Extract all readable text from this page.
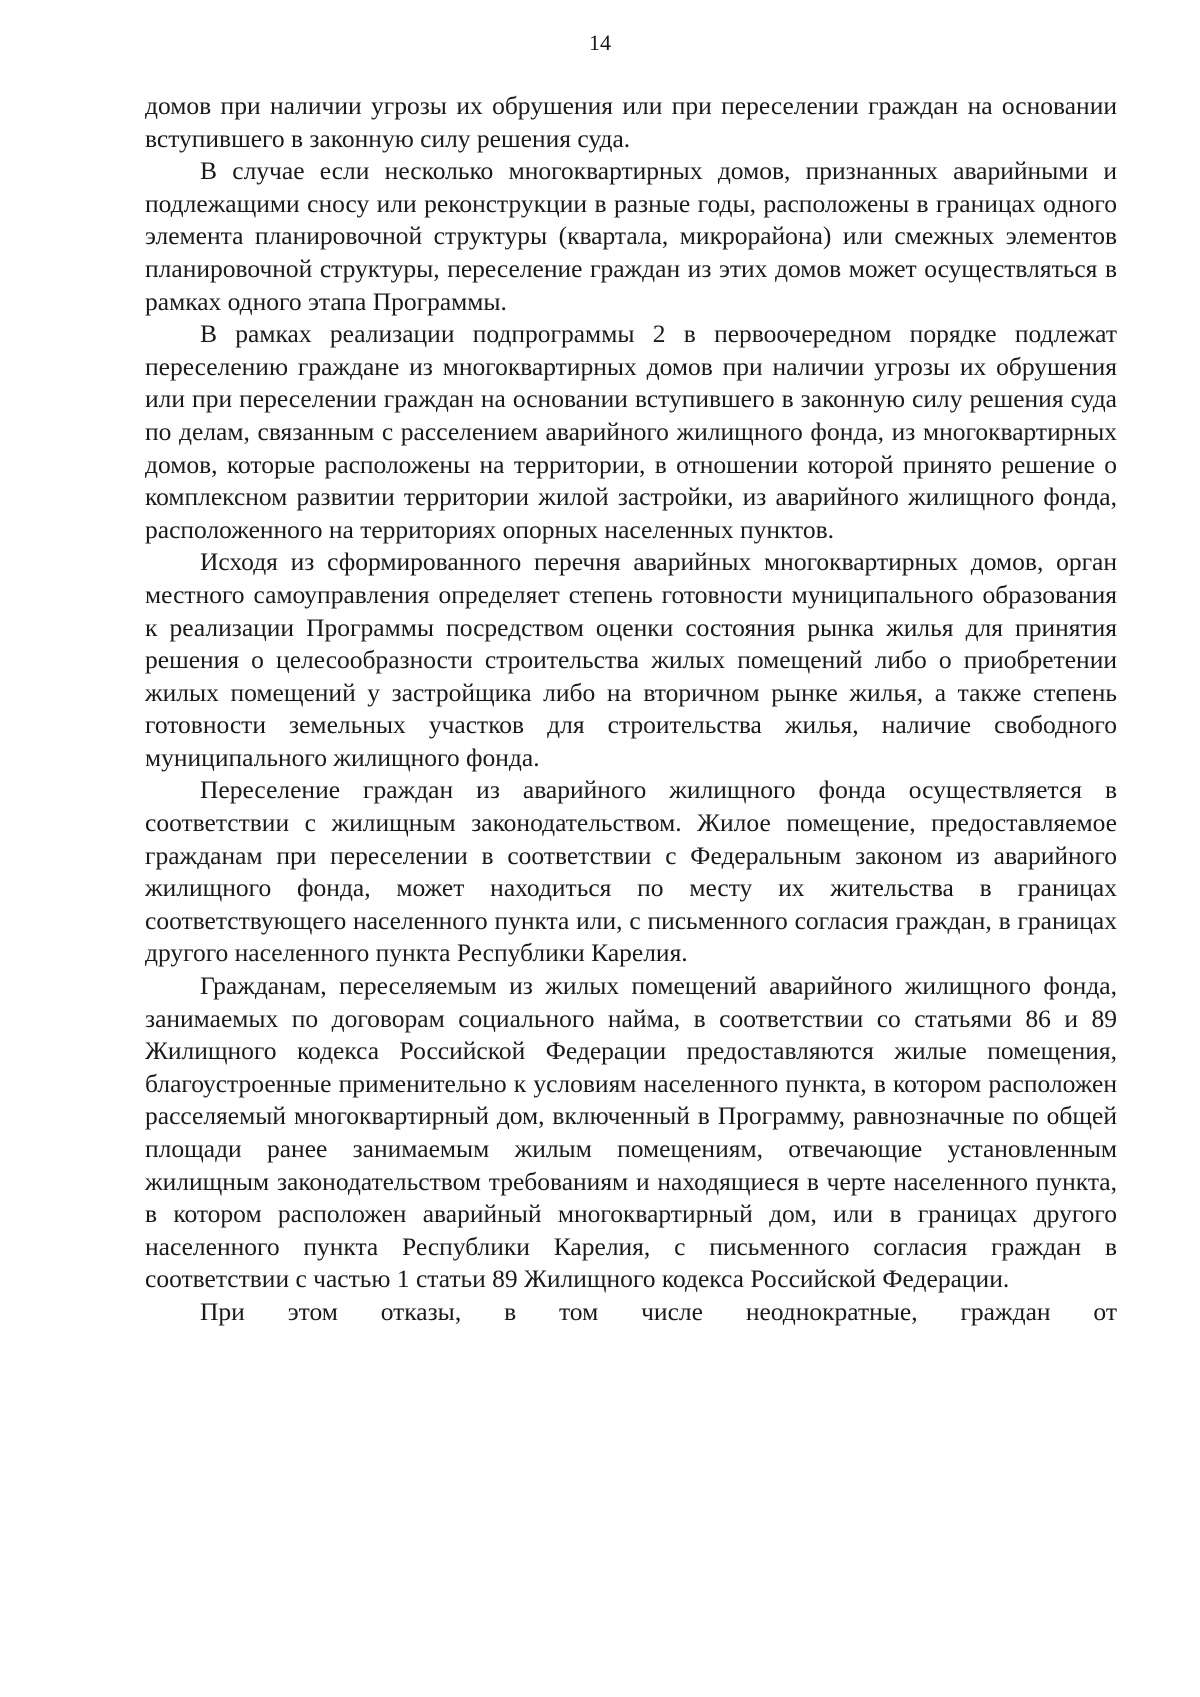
14

домов при наличии угрозы их обрушения или при переселении граждан на основании вступившего в законную силу решения суда.

В случае если несколько многоквартирных домов, признанных аварийными и подлежащими сносу или реконструкции в разные годы, расположены в границах одного элемента планировочной структуры (квартала, микрорайона) или смежных элементов планировочной структуры, переселение граждан из этих домов может осуществляться в рамках одного этапа Программы.

В рамках реализации подпрограммы 2 в первоочередном порядке подлежат переселению граждане из многоквартирных домов при наличии угрозы их обрушения или при переселении граждан на основании вступившего в законную силу решения суда по делам, связанным с расселением аварийного жилищного фонда, из многоквартирных домов, которые расположены на территории, в отношении которой принято решение о комплексном развитии территории жилой застройки, из аварийного жилищного фонда, расположенного на территориях опорных населенных пунктов.

Исходя из сформированного перечня аварийных многоквартирных домов, орган местного самоуправления определяет степень готовности муниципального образования к реализации Программы посредством оценки состояния рынка жилья для принятия решения о целесообразности строительства жилых помещений либо о приобретении жилых помещений у застройщика либо на вторичном рынке жилья, а также степень готовности земельных участков для строительства жилья, наличие свободного муниципального жилищного фонда.

Переселение граждан из аварийного жилищного фонда осуществляется в соответствии с жилищным законодательством. Жилое помещение, предоставляемое гражданам при переселении в соответствии с Федеральным законом из аварийного жилищного фонда, может находиться по месту их жительства в границах соответствующего населенного пункта или, с письменного согласия граждан, в границах другого населенного пункта Республики Карелия.

Гражданам, переселяемым из жилых помещений аварийного жилищного фонда, занимаемых по договорам социального найма, в соответствии со статьями 86 и 89 Жилищного кодекса Российской Федерации предоставляются жилые помещения, благоустроенные применительно к условиям населенного пункта, в котором расположен расселяемый многоквартирный дом, включенный в Программу, равнозначные по общей площади ранее занимаемым жилым помещениям, отвечающие установленным жилищным законодательством требованиям и находящиеся в черте населенного пункта, в котором расположен аварийный многоквартирный дом, или в границах другого населенного пункта Республики Карелия, с письменного согласия граждан в соответствии с частью 1 статьи 89 Жилищного кодекса Российской Федерации.

При этом отказы, в том числе неоднократные, граждан от
